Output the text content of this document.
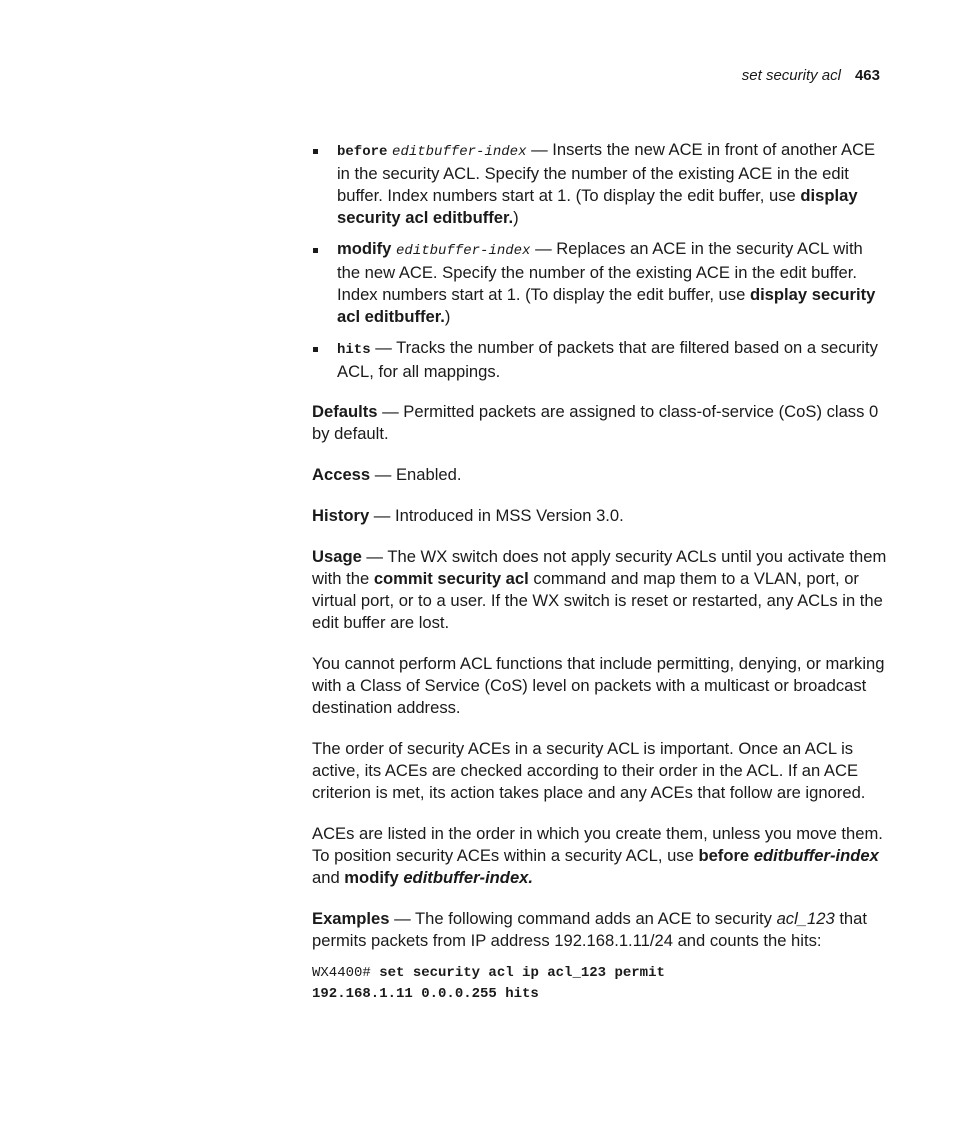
set security acl 463
before editbuffer-index — Inserts the new ACE in front of another ACE in the security ACL. Specify the number of the existing ACE in the edit buffer. Index numbers start at 1. (To display the edit buffer, use display security acl editbuffer.)
modify editbuffer-index — Replaces an ACE in the security ACL with the new ACE. Specify the number of the existing ACE in the edit buffer. Index numbers start at 1. (To display the edit buffer, use display security acl editbuffer.)
hits — Tracks the number of packets that are filtered based on a security ACL, for all mappings.

Defaults — Permitted packets are assigned to class-of-service (CoS) class 0 by default.

Access — Enabled.

History — Introduced in MSS Version 3.0.

Usage — The WX switch does not apply security ACLs until you activate them with the commit security acl command and map them to a VLAN, port, or virtual port, or to a user. If the WX switch is reset or restarted, any ACLs in the edit buffer are lost.

You cannot perform ACL functions that include permitting, denying, or marking with a Class of Service (CoS) level on packets with a multicast or broadcast destination address.

The order of security ACEs in a security ACL is important. Once an ACL is active, its ACEs are checked according to their order in the ACL. If an ACE criterion is met, its action takes place and any ACEs that follow are ignored.

ACEs are listed in the order in which you create them, unless you move them. To position security ACEs within a security ACL, use before editbuffer-index and modify editbuffer-index.

Examples — The following command adds an ACE to security acl_123 that permits packets from IP address 192.168.1.11/24 and counts the hits:

WX4400# set security acl ip acl_123 permit
192.168.1.11 0.0.0.255 hits
